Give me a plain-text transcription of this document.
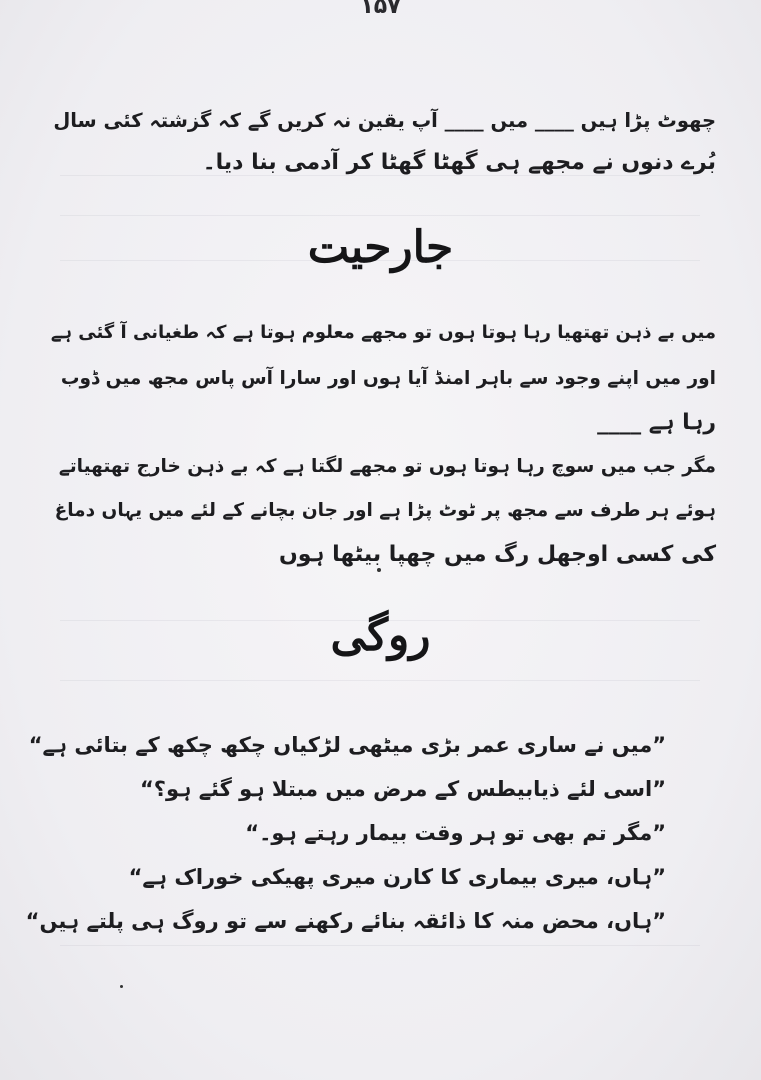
۱۵۷
چھوٹ پڑا ہیں ____ میں ____ آپ یقین نہ کریں گے کہ گزشتہ کئی سال
بُرے دنوں نے مجھے ہی گھٹا گھٹا کر آدمی بنا دیا۔
جارحیت
میں بے ذہن تھتھیا رہا ہوتا ہوں تو مجھے معلوم ہوتا ہے کہ طغیانی آ گئی ہے
اور میں اپنے وجود سے باہر امنڈ آیا ہوں اور سارا آس پاس مجھ میں ڈوب
رہا ہے ____
مگر جب میں سوچ رہا ہوتا ہوں تو مجھے لگتا ہے کہ بے ذہن خارج تھتھیاتے
ہوئے ہر طرف سے مجھ پر ٹوٹ پڑا ہے اور جان بچانے کے لئے میں یہاں دماغ
کی کسی اوجھل رگ میں چھپا بیٹھا ہوں
روگی
”میں نے ساری عمر بڑی میٹھی لڑکیاں چکھ چکھ کے بتائی ہے“
”اسی لئے ذیابیطس کے مرض میں مبتلا ہو گئے ہو؟“
”مگر تم بھی تو ہر وقت بیمار رہتے ہو۔“
”ہاں، میری بیماری کا کارن میری پھیکی خوراک ہے“
”ہاں، محض منہ کا ذائقہ بنائے رکھنے سے تو روگ ہی پلتے ہیں“
